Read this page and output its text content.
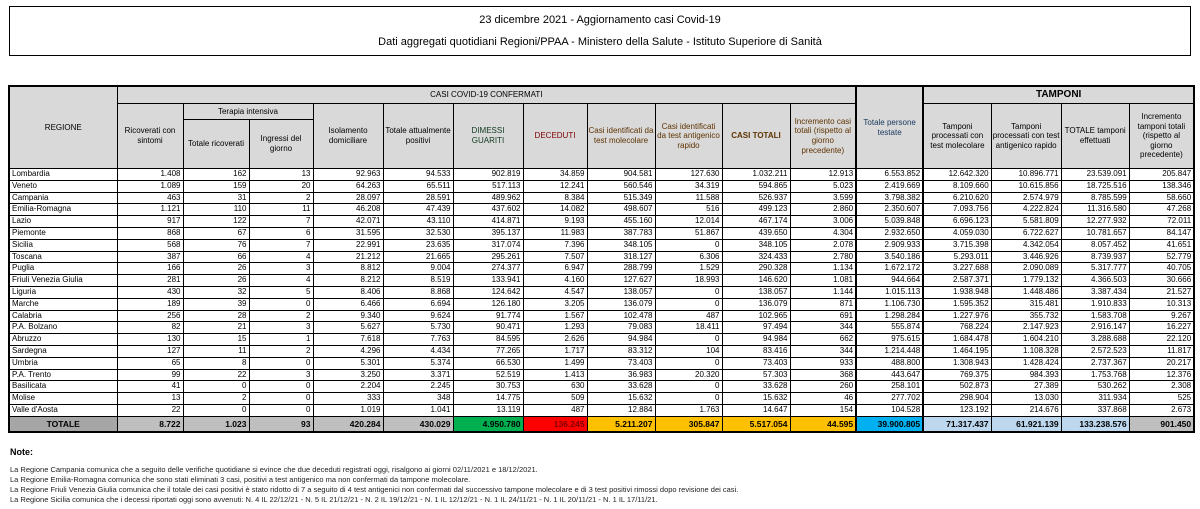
23 dicembre 2021 - Aggiornamento casi Covid-19
Dati aggregati quotidiani Regioni/PPAA - Ministero della Salute - Istituto Superiore di Sanità
REGIONE	CASI COVID-19 CONFERMATI											Totale persone testate	TAMPONI			
	Ricoverati con sintomi	Terapia intensiva		Isolamento domiciliare	Totale attualmente positivi	DIMESSI GUARITI	DECEDUTI	Casi identificati da test molecolare	Casi identificati da test antigenico rapido	CASI TOTALI	Incremento casi totali (rispetto al giorno precedente)		Tamponi processati con test molecolare	Tamponi processati con test antigenico rapido	TOTALE tamponi effettuati	Incremento tamponi totali (rispetto al giorno precedente)
		Totale ricoverati	Ingressi del giorno													
Lombardia	1.408	162	13	92.963	94.533	902.819	34.859	904.581	127.630	1.032.211	12.913	6.553.852	12.642.320	10.896.771	23.539.091	205.847
Veneto	1.089	159	20	64.263	65.511	517.113	12.241	560.546	34.319	594.865	5.023	2.419.669	8.109.660	10.615.856	18.725.516	138.346
Campania	463	31	2	28.097	28.591	489.962	8.384	515.349	11.588	526.937	3.599	3.798.382	6.210.620	2.574.979	8.785.599	58.660
Emilia-Romagna	1.121	110	11	46.208	47.439	437.602	14.082	498.607	516	499.123	2.860	2.350.607	7.093.756	4.222.824	11.316.580	47.268
Lazio	917	122	7	42.071	43.110	414.871	9.193	455.160	12.014	467.174	3.006	5.039.848	6.696.123	5.581.809	12.277.932	72.011
Piemonte	868	67	6	31.595	32.530	395.137	11.983	387.783	51.867	439.650	4.304	2.932.650	4.059.030	6.722.627	10.781.657	84.147
Sicilia	568	76	7	22.991	23.635	317.074	7.396	348.105	0	348.105	2.078	2.909.933	3.715.398	4.342.054	8.057.452	41.651
Toscana	387	66	4	21.212	21.665	295.261	7.507	318.127	6.306	324.433	2.780	3.540.186	5.293.011	3.446.926	8.739.937	52.779
Puglia	166	26	3	8.812	9.004	274.377	6.947	288.799	1.529	290.328	1.134	1.672.172	3.227.688	2.090.089	5.317.777	40.705
Friuli Venezia Giulia	281	26	4	8.212	8.519	133.941	4.160	127.627	18.993	146.620	1.081	944.664	2.587.371	1.779.132	4.366.503	30.666
Liguria	430	32	5	8.406	8.868	124.642	4.547	138.057	0	138.057	1.144	1.015.113	1.938.948	1.448.486	3.387.434	21.527
Marche	189	39	0	6.466	6.694	126.180	3.205	136.079	0	136.079	871	1.106.730	1.595.352	315.481	1.910.833	10.313
Calabria	256	28	2	9.340	9.624	91.774	1.567	102.478	487	102.965	691	1.298.284	1.227.976	355.732	1.583.708	9.267
P.A. Bolzano	82	21	3	5.627	5.730	90.471	1.293	79.083	18.411	97.494	344	555.874	768.224	2.147.923	2.916.147	16.227
Abruzzo	130	15	1	7.618	7.763	84.595	2.626	94.984	0	94.984	662	975.615	1.684.478	1.604.210	3.288.688	22.120
Sardegna	127	11	2	4.296	4.434	77.265	1.717	83.312	104	83.416	344	1.214.448	1.464.195	1.108.328	2.572.523	11.817
Umbria	65	8	0	5.301	5.374	66.530	1.499	73.403	0	73.403	933	488.800	1.308.943	1.428.424	2.737.367	20.217
P.A. Trento	99	22	3	3.250	3.371	52.519	1.413	36.983	20.320	57.303	368	443.647	769.375	984.393	1.753.768	12.376
Basilicata	41	0	0	2.204	2.245	30.753	630	33.628	0	33.628	260	258.101	502.873	27.389	530.262	2.308
Molise	13	2	0	333	348	14.775	509	15.632	0	15.632	46	277.702	298.904	13.030	311.934	525
Valle d'Aosta	22	0	0	1.019	1.041	13.119	487	12.884	1.763	14.647	154	104.528	123.192	214.676	337.868	2.673
TOTALE	8.722	1.023	93	420.284	430.029	4.950.780	136.245	5.211.207	305.847	5.517.054	44.595	39.900.805	71.317.437	61.921.139	133.238.576	901.450
Note:
La Regione Campania comunica che a seguito delle verifiche quotidiane si evince che due deceduti registrati oggi, risalgono ai giorni 02/11/2021 e 18/12/2021.
La Regione Emilia-Romagna comunica che sono stati eliminati 3 casi, positivi a test antigenico ma non confermati da tampone molecolare.
La Regione Friuli Venezia Giulia comunica che il totale dei casi positivi è stato ridotto di 7 a seguito di 4 test antigenici non confermati dal successivo tampone molecolare e di 3 test positivi rimossi dopo revisione dei casi.
La Regione Sicilia comunica che i decessi riportati oggi sono avvenuti: N. 4 IL 22/12/21 - N. 5 IL 21/12/21 - N. 2 IL 19/12/21 - N. 1 IL 12/12/21 - N. 1 IL 24/11/21 - N. 1 IL 20/11/21 - N. 1 IL 17/11/21.
